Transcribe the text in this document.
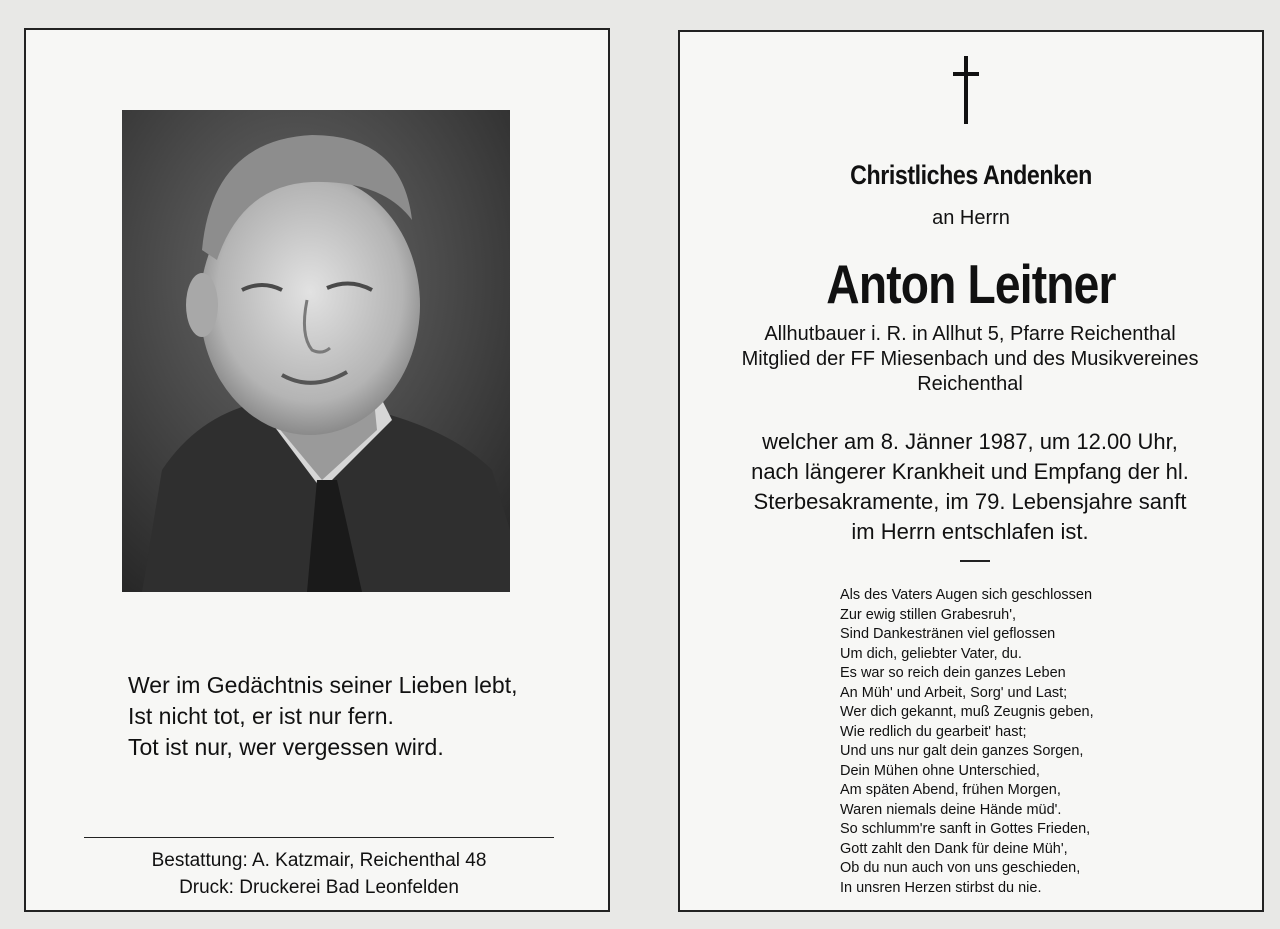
Wer im Gedächtnis seiner Lieben lebt,
Ist nicht tot, er ist nur fern.
Tot ist nur, wer vergessen wird.
Bestattung: A. Katzmair, Reichenthal 48
Druck: Druckerei Bad Leonfelden
Christliches Andenken
an Herrn
Anton Leitner
Allhutbauer i. R. in Allhut 5, Pfarre Reichenthal
Mitglied der FF Miesenbach und des Musikvereines
Reichenthal
welcher am 8. Jänner 1987, um 12.00 Uhr,
nach längerer Krankheit und Empfang der hl.
Sterbesakramente, im 79. Lebensjahre sanft
im Herrn entschlafen ist.
Als des Vaters Augen sich geschlossen
Zur ewig stillen Grabesruh',
Sind Dankestränen viel geflossen
Um dich, geliebter Vater, du.
Es war so reich dein ganzes Leben
An Müh' und Arbeit, Sorg' und Last;
Wer dich gekannt, muß Zeugnis geben,
Wie redlich du gearbeit' hast;
Und uns nur galt dein ganzes Sorgen,
Dein Mühen ohne Unterschied,
Am späten Abend, frühen Morgen,
Waren niemals deine Hände müd'.
So schlumm're sanft in Gottes Frieden,
Gott zahlt den Dank für deine Müh',
Ob du nun auch von uns geschieden,
In unsren Herzen stirbst du nie.
